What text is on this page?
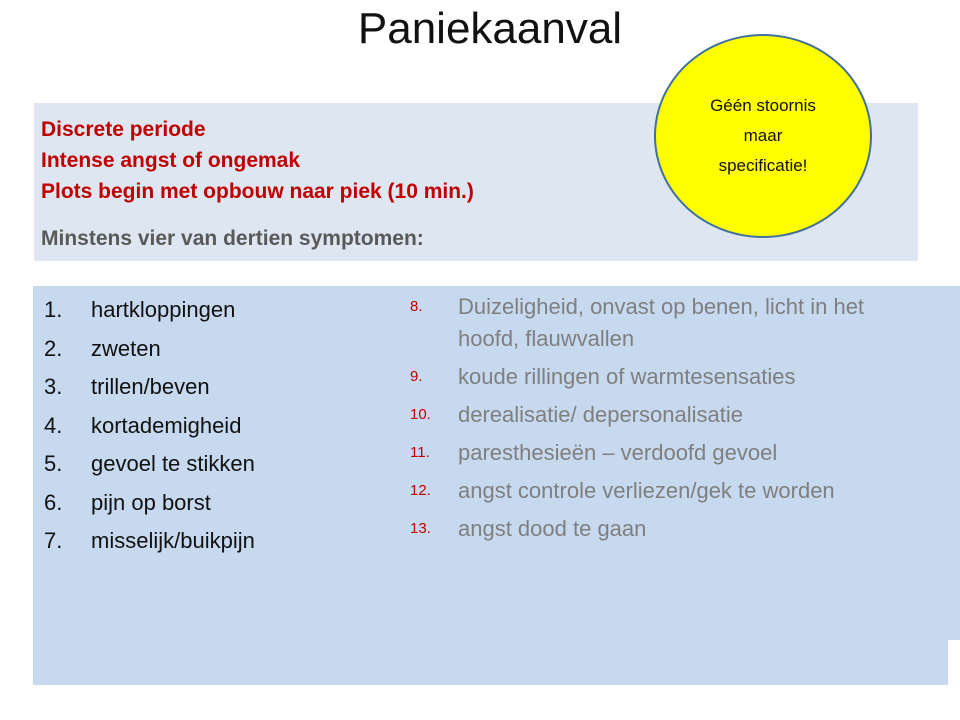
Paniekaanval
Discrete periode
Intense angst of ongemak
Plots begin met opbouw naar piek (10 min.)
Minstens vier van dertien symptomen:
1.	hartkloppingen
2.	zweten
3.	trillen/beven
4.	kortademigheid
5.	gevoel te stikken
6.	pijn op borst
7.	misselijk/buikpijn
8.	Duizeligheid, onvast op benen, licht in het hoofd, flauwvallen
9.	koude rillingen of warmtesensaties
10.	derealisatie/ depersonalisatie
11.	paresthesieën – verdoofd gevoel
12.	angst controle verliezen/gek te worden
13.	angst dood te gaan
Géén stoornis
maar
specificatie!
